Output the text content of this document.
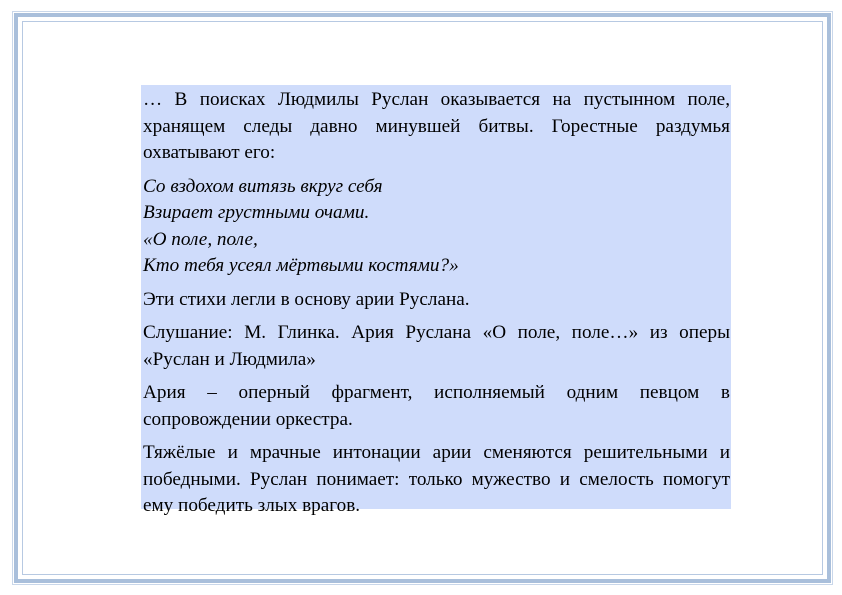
… В поисках Людмилы Руслан оказывается на пустынном поле, хранящем следы давно минувшей битвы. Горестные раздумья охватывают его:

Со вздохом витязь вкруг себя
Взирает грустными очами.
«О поле, поле,
Кто тебя усеял мёртвыми костями?»

Эти стихи легли в основу арии Руслана.

Слушание: М. Глинка. Ария Руслана «О поле, поле…» из оперы «Руслан и Людмила»

Ария – оперный фрагмент, исполняемый одним певцом в сопровождении оркестра.

Тяжёлые и мрачные интонации арии сменяются решительными и победными. Руслан понимает: только мужество и смелость помогут ему победить злых врагов.
